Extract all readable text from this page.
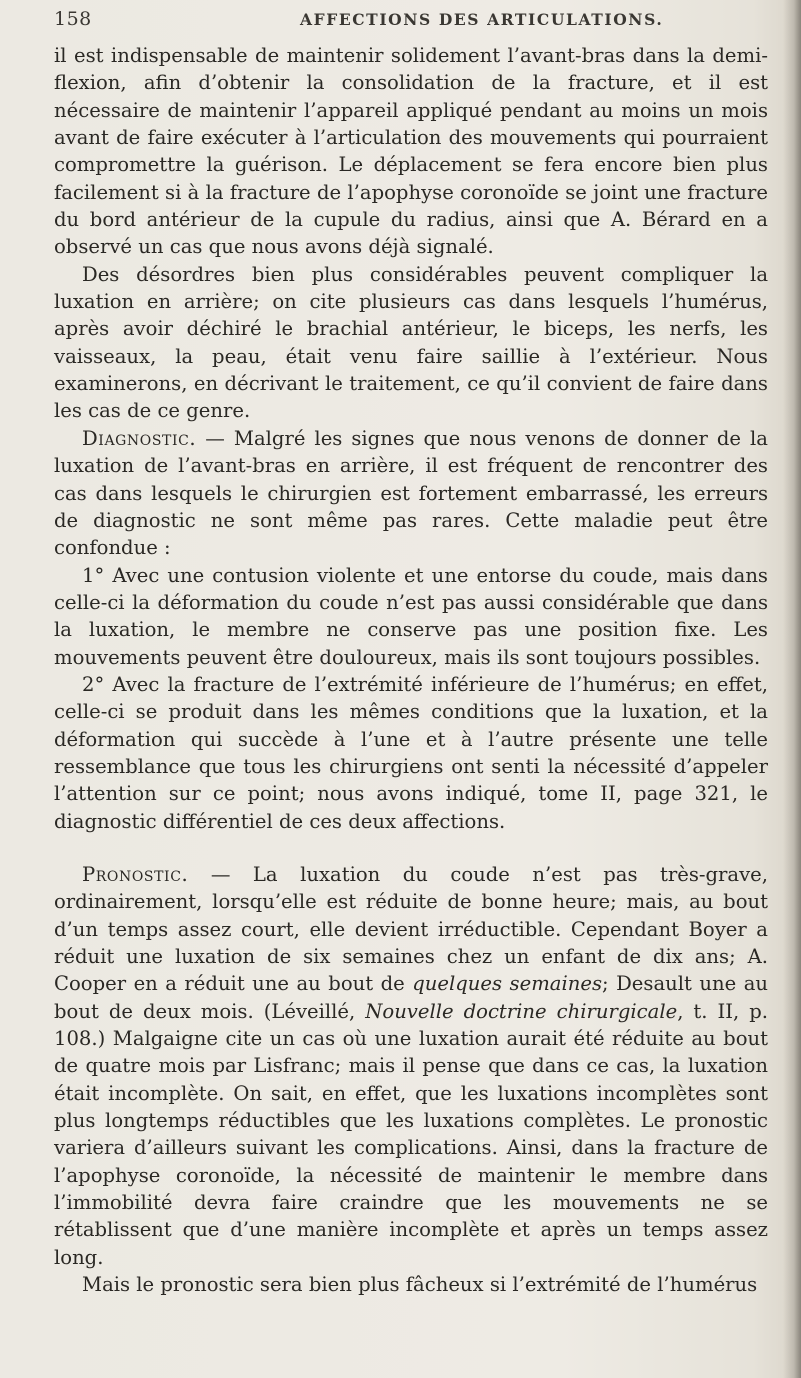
158	AFFECTIONS DES ARTICULATIONS.

il est indispensable de maintenir solidement l’avant-bras dans la demi-flexion, afin d’obtenir la consolidation de la fracture, et il est nécessaire de maintenir l’appareil appliqué pendant au moins un mois avant de faire exécuter à l’articulation des mouvements qui pourraient compromettre la guérison. Le déplacement se fera encore bien plus facilement si à la fracture de l’apophyse coronoïde se joint une fracture du bord antérieur de la cupule du radius, ainsi que A. Bérard en a observé un cas que nous avons déjà signalé.

Des désordres bien plus considérables peuvent compliquer la luxation en arrière; on cite plusieurs cas dans lesquels l’humérus, après avoir déchiré le brachial antérieur, le biceps, les nerfs, les vaisseaux, la peau, était venu faire saillie à l’extérieur. Nous examinerons, en décrivant le traitement, ce qu’il convient de faire dans les cas de ce genre.

Diagnostic. — Malgré les signes que nous venons de donner de la luxation de l’avant-bras en arrière, il est fréquent de rencontrer des cas dans lesquels le chirurgien est fortement embarrassé, les erreurs de diagnostic ne sont même pas rares. Cette maladie peut être confondue :

1° Avec une contusion violente et une entorse du coude, mais dans celle-ci la déformation du coude n’est pas aussi considérable que dans la luxation, le membre ne conserve pas une position fixe. Les mouvements peuvent être douloureux, mais ils sont toujours possibles.

2° Avec la fracture de l’extrémité inférieure de l’humérus; en effet, celle-ci se produit dans les mêmes conditions que la luxation, et la déformation qui succède à l’une et à l’autre présente une telle ressemblance que tous les chirurgiens ont senti la nécessité d’appeler l’attention sur ce point; nous avons indiqué, tome II, page 321, le diagnostic différentiel de ces deux affections.

Pronostic. — La luxation du coude n’est pas très-grave, ordinairement, lorsqu’elle est réduite de bonne heure; mais, au bout d’un temps assez court, elle devient irréductible. Cependant Boyer a réduit une luxation de six semaines chez un enfant de dix ans; A. Cooper en a réduit une au bout de quelques semaines; Desault une au bout de deux mois. (Léveillé, Nouvelle doctrine chirurgicale, t. II, p. 108.) Malgaigne cite un cas où une luxation aurait été réduite au bout de quatre mois par Lisfranc; mais il pense que dans ce cas, la luxation était incomplète. On sait, en effet, que les luxations incomplètes sont plus longtemps réductibles que les luxations complètes. Le pronostic variera d’ailleurs suivant les complications. Ainsi, dans la fracture de l’apophyse coronoïde, la nécessité de maintenir le membre dans l’immobilité devra faire craindre que les mouvements ne se rétablissent que d’une manière incomplète et après un temps assez long.

Mais le pronostic sera bien plus fâcheux si l’extrémité de l’humérus
